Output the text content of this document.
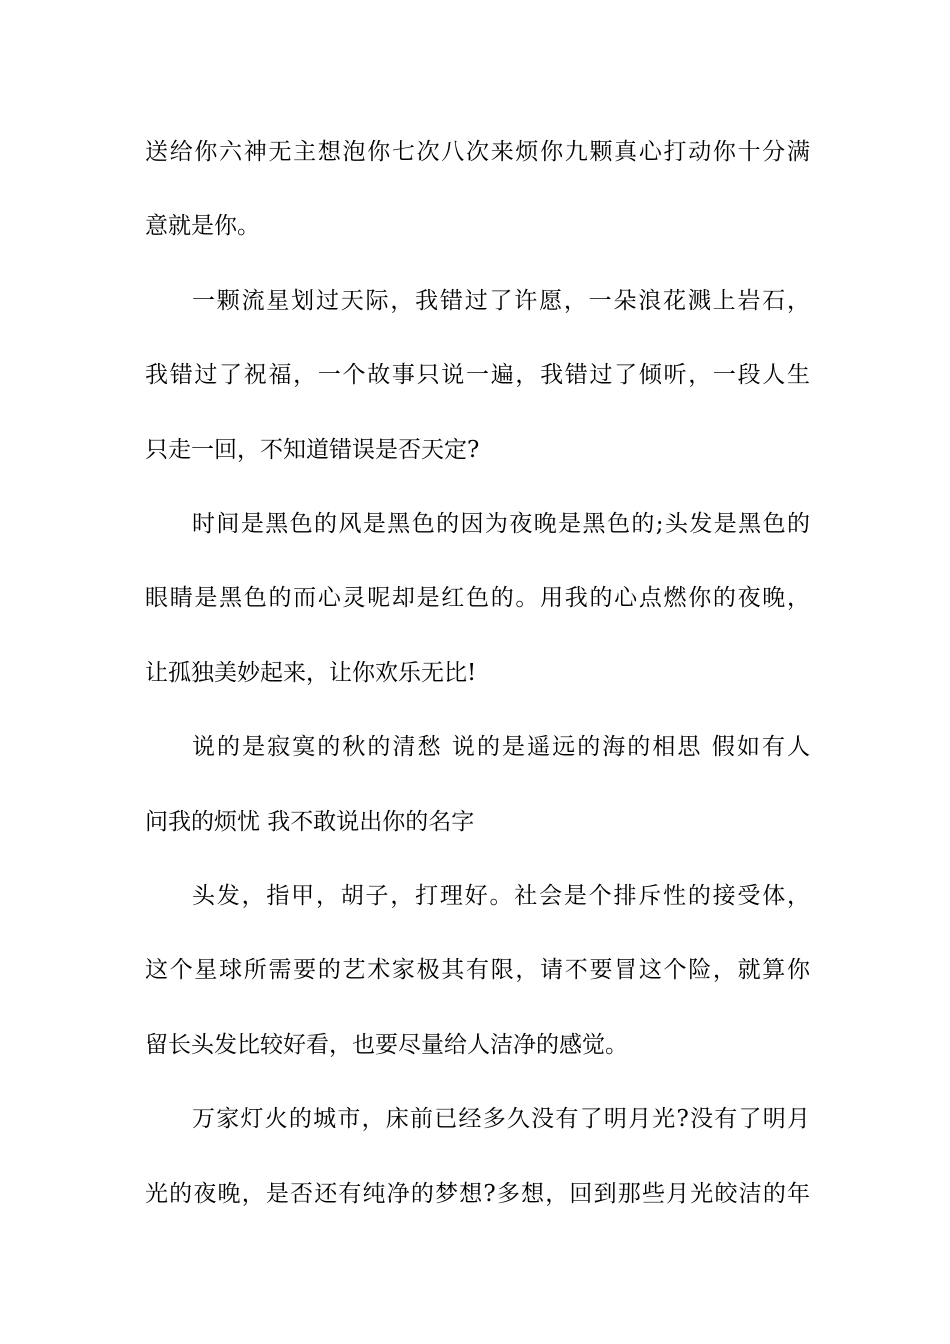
送给你六神无主想泡你七次八次来烦你九颗真心打动你十分满
意就是你。
一颗流星划过天际，我错过了许愿，一朵浪花溅上岩石，
我错过了祝福，一个故事只说一遍，我错过了倾听，一段人生
只走一回，不知道错误是否天定?
时间是黑色的风是黑色的因为夜晚是黑色的;头发是黑色的
眼睛是黑色的而心灵呢却是红色的。用我的心点燃你的夜晚，
让孤独美妙起来，让你欢乐无比!
说的是寂寞的秋的清愁 说的是遥远的海的相思 假如有人
问我的烦忧 我不敢说出你的名字
头发，指甲，胡子，打理好。社会是个排斥性的接受体，
这个星球所需要的艺术家极其有限，请不要冒这个险，就算你
留长头发比较好看，也要尽量给人洁净的感觉。
万家灯火的城市，床前已经多久没有了明月光?没有了明月
光的夜晚，是否还有纯净的梦想?多想，回到那些月光皎洁的年
